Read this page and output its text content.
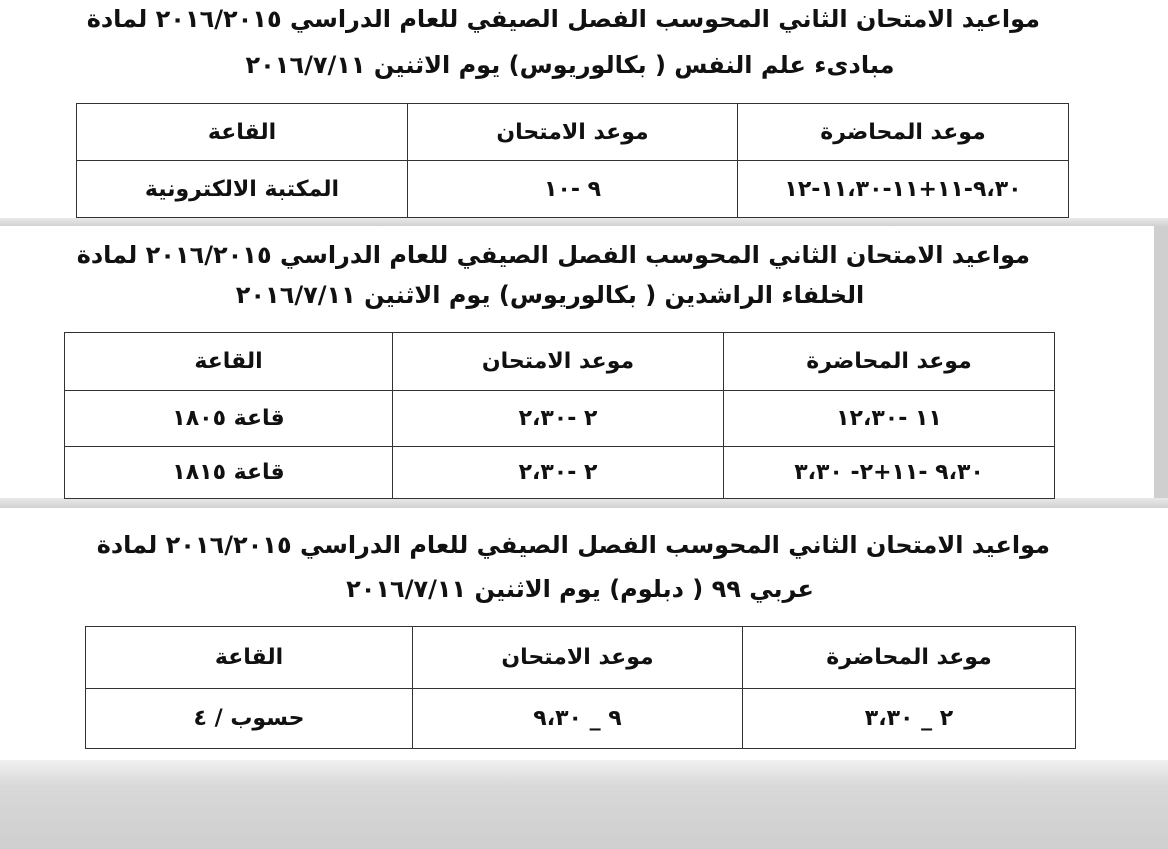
مواعيد الامتحان الثاني المحوسب الفصل الصيفي للعام الدراسي ٢٠١٦/٢٠١٥ لمادة
مبادىء علم النفس ( بكالوريوس) يوم الاثنين ٢٠١٦/٧/١١
موعد المحاضرة	موعد الامتحان	القاعة
٩،٣٠-١١+١١-١١،٣٠-١٢	٩ -١٠	المكتبة الالكترونية
مواعيد الامتحان الثاني المحوسب الفصل الصيفي للعام الدراسي ٢٠١٦/٢٠١٥ لمادة
الخلفاء الراشدين ( بكالوريوس) يوم الاثنين ٢٠١٦/٧/١١
موعد المحاضرة	موعد الامتحان	القاعة
١١ -١٢،٣٠	٢ -٢،٣٠	قاعة ١٨٠٥
٩،٣٠ -١١+٢- ٣،٣٠	٢ -٢،٣٠	قاعة ١٨١٥
مواعيد الامتحان الثاني المحوسب الفصل الصيفي للعام الدراسي ٢٠١٦/٢٠١٥ لمادة
عربي ٩٩ ( دبلوم) يوم الاثنين ٢٠١٦/٧/١١
موعد المحاضرة	موعد الامتحان	القاعة
٢ _ ٣،٣٠	٩ _ ٩،٣٠	حسوب / ٤
